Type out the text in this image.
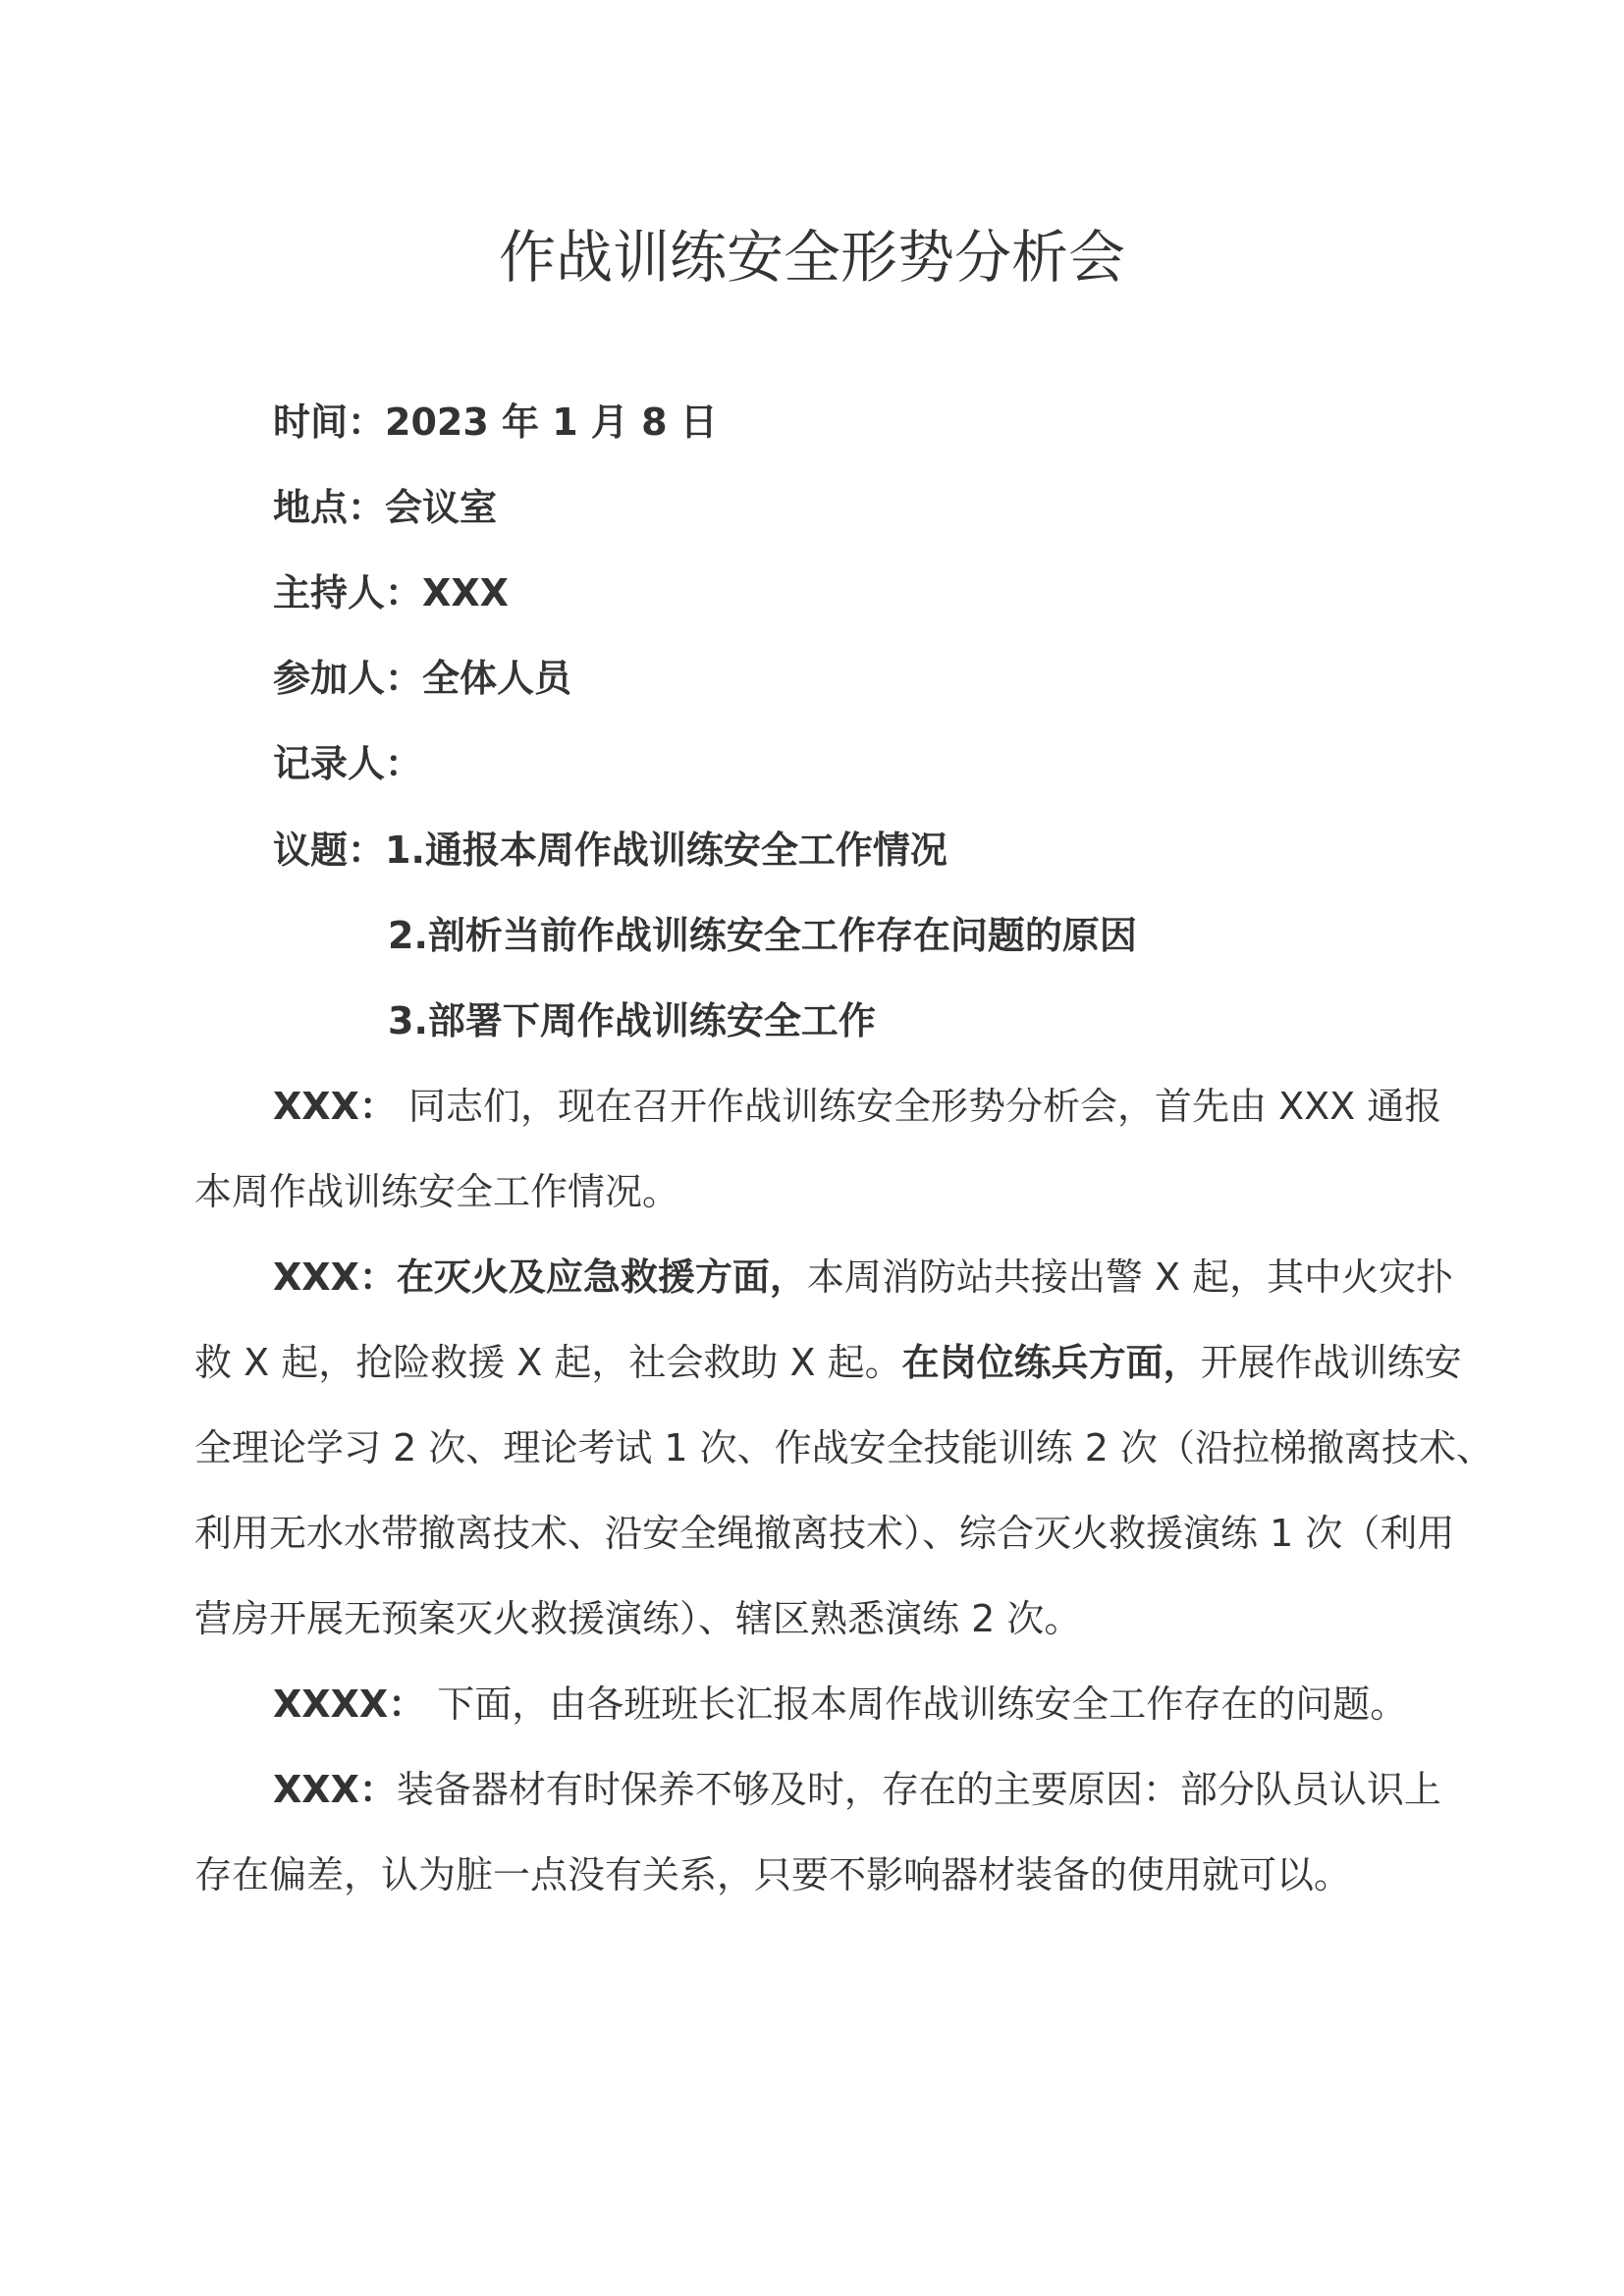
作战训练安全形势分析会
时间：2023 年 1 月 8 日
地点：会议室
主持人：XXX
参加人：全体人员
记录人：
议题：1.通报本周作战训练安全工作情况
2.剖析当前作战训练安全工作存在问题的原因
3.部署下周作战训练安全工作
XXX： 同志们，现在召开作战训练安全形势分析会，首先由 XXX 通报
本周作战训练安全工作情况。
XXX：在灭火及应急救援方面，本周消防站共接出警 X 起，其中火灾扑
救 X 起，抢险救援 X 起，社会救助 X 起。在岗位练兵方面，开展作战训练安
全理论学习 2 次、理论考试 1 次、作战安全技能训练 2 次（沿拉梯撤离技术、
利用无水水带撤离技术、沿安全绳撤离技术）、综合灭火救援演练 1 次（利用
营房开展无预案灭火救援演练）、辖区熟悉演练 2 次。
XXXX： 下面，由各班班长汇报本周作战训练安全工作存在的问题。
XXX：装备器材有时保养不够及时，存在的主要原因：部分队员认识上
存在偏差，认为脏一点没有关系，只要不影响器材装备的使用就可以。
